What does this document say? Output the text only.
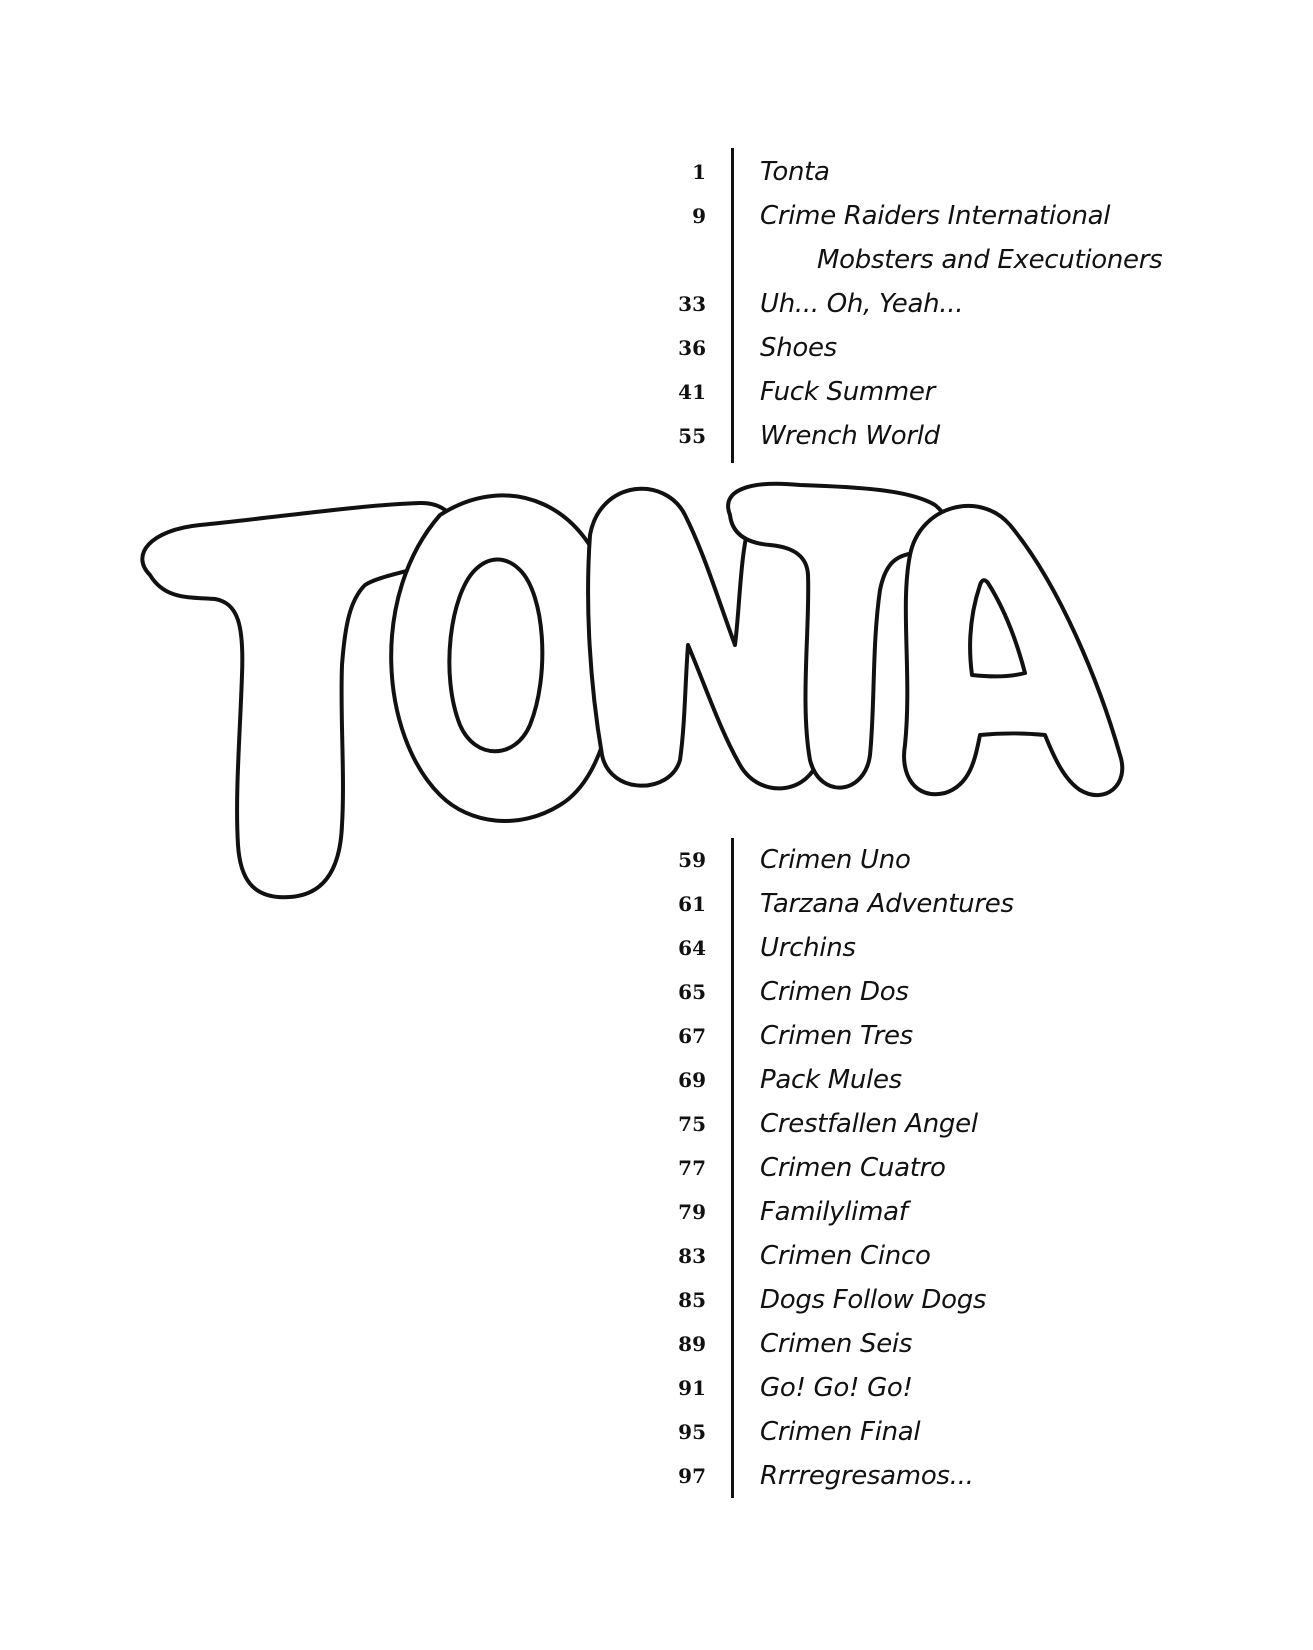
1 Tonta
9 Crime Raiders International
Mobsters and Executioners
33 Uh... Oh, Yeah...
36 Shoes
41 Fuck Summer
55 Wrench World
59 Crimen Uno
61 Tarzana Adventures
64 Urchins
65 Crimen Dos
67 Crimen Tres
69 Pack Mules
75 Crestfallen Angel
77 Crimen Cuatro
79 Familylimaf
83 Crimen Cinco
85 Dogs Follow Dogs
89 Crimen Seis
91 Go! Go! Go!
95 Crimen Final
97 Rrrregresamos...
